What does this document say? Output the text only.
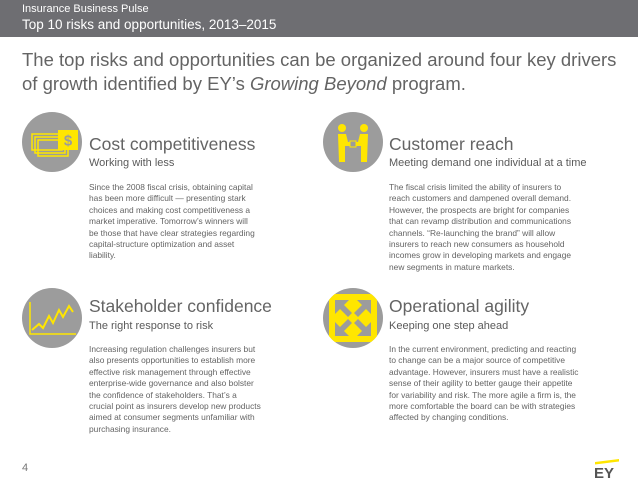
Insurance Business Pulse
Top 10 risks and opportunities, 2013–2015
The top risks and opportunities can be organized around four key drivers of growth identified by EY’s Growing Beyond program.
$ Cost competitiveness
Working with less
Since the 2008 fiscal crisis, obtaining capital
has been more difficult — presenting stark
choices and making cost competitiveness a
market imperative. Tomorrow’s winners will
be those that have clear strategies regarding
capital-structure optimization and asset
liability.
Customer reach
Meeting demand one individual at a time
The fiscal crisis limited the ability of insurers to
reach customers and dampened overall demand.
However, the prospects are bright for companies
that can revamp distribution and communications
channels. “Re-launching the brand” will allow
insurers to reach new consumers as household
incomes grow in developing markets and engage
new segments in mature markets.
Stakeholder confidence
The right response to risk
Increasing regulation challenges insurers but
also presents opportunities to establish more
effective risk management through effective
enterprise-wide governance and also bolster
the confidence of stakeholders. That’s a
crucial point as insurers develop new products
aimed at consumer segments unfamiliar with
purchasing insurance.
Operational agility
Keeping one step ahead
In the current environment, predicting and reacting
to change can be a major source of competitive
advantage. However, insurers must have a realistic
sense of their agility to better gauge their appetite
for variability and risk. The more agile a firm is, the
more comfortable the board can be with strategies
affected by changing conditions.
4	EY
